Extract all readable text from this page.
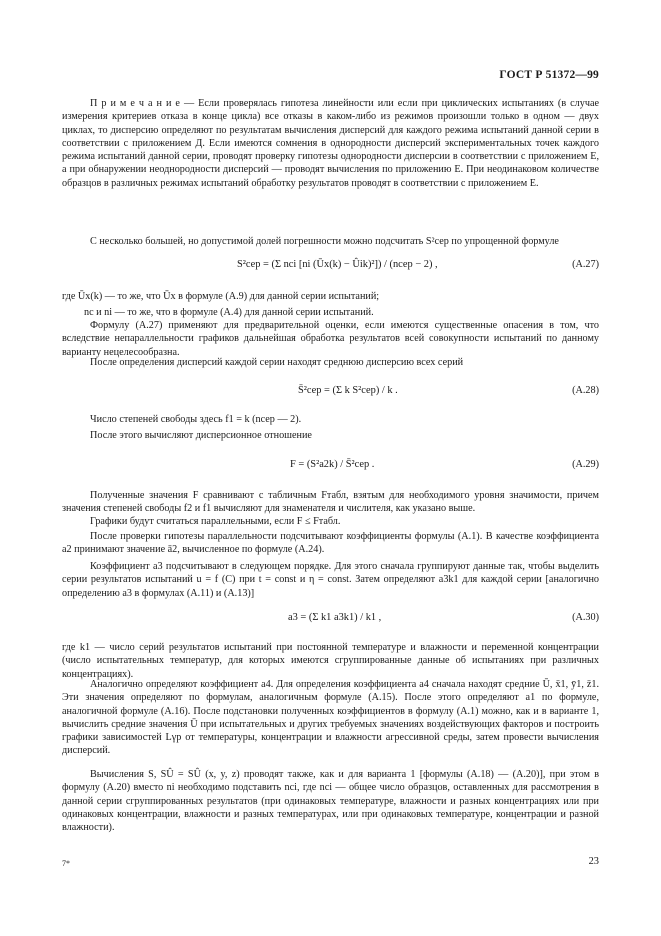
ГОСТ Р 51372—99

П р и м е ч а н и е — Если проверялась гипотеза линейности или если при циклических испытаниях (в случае измерения критериев отказа в конце цикла) все отказы в каком-либо из режимов произошли только в одном — двух циклах, то дисперсию определяют по результатам вычисления дисперсий для каждого режима испытаний данной серии в соответствии с приложением Д. Если имеются сомнения в однородности дисперсий экспериментальных точек каждого режима испытаний данной серии, проводят проверку гипотезы однородности дисперсии в соответствии с приложением Е, а при обнаружении неоднородности дисперсий — проводят вычисления по приложению Е. При неодинаковом количестве образцов в различных режимах испытаний обработку результатов проводят в соответствии с приложением Е.

С несколько большей, но допустимой долей погрешности можно подсчитать S²сер по упрощенной формуле

S²сер = (Σ nci [ni (Ūx(k) − Ûik)²]) / (nсер − 2) ,	(А.27)

где Ūx(k) — то же, что Ūx в формуле (А.9) для данной серии испытаний;

nс и ni — то же, что в формуле (А.4) для данной серии испытаний.

Формулу (А.27) применяют для предварительной оценки, если имеются существенные опасения в том, что вследствие непараллельности графиков дальнейшая обработка результатов всей совокупности испытаний по данному варианту нецелесообразна.

После определения дисперсий каждой серии находят среднюю дисперсию всех серий

S̄²сер = (Σ k S²сер) / k .	(А.28)

Число степеней свободы здесь f1 = k (nсер — 2).

После этого вычисляют дисперсионное отношение

F = (S²a2k) / S̄²сер .	(А.29)

Полученные значения F сравнивают с табличным Fтабл, взятым для необходимого уровня значимости, причем значения степеней свободы f2 и f1 вычисляют для знаменателя и числителя, как указано выше.

Графики будут считаться параллельными, если F ≤ Fтабл.

После проверки гипотезы параллельности подсчитывают коэффициенты формулы (А.1). В качестве коэффициента a2 принимают значение ā2, вычисленное по формуле (А.24).

Коэффициент a3 подсчитывают в следующем порядке. Для этого сначала группируют данные так, чтобы выделить серии результатов испытаний u = f (C) при t = const и η = const. Затем определяют a3k1 для каждой серии [аналогично определению a3 в формулах (А.11) и (А.13)]

a3 = (Σ k1 a3k1) / k1 ,	(А.30)

где k1 — число серий результатов испытаний при постоянной температуре и влажности и переменной концентрации (число испытательных температур, для которых имеются сгруппированные данные об испытаниях при различных концентрациях).

Аналогично определяют коэффициент a4. Для определения коэффициента a4 сначала находят средние Ū, x̄1, ȳ1, z̄1. Эти значения определяют по формулам, аналогичным формуле (А.15). После этого определяют a1 по формуле, аналогичной формуле (А.16). После подстановки полученных коэффициентов в формулу (А.1) можно, как и в варианте 1, вычислить средние значения Ū при испытательных и других требуемых значениях воздействующих факторов и построить графики зависимостей Lγp от температуры, концентрации и влажности агрессивной среды, затем провести вычисления дисперсий.

Вычисления S, SÛ = SÛ (x, y, z) проводят также, как и для варианта 1 [формулы (А.18) — (А.20)], при этом в формулу (А.20) вместо ni необходимо подставить nci, где nci — общее число образцов, оставленных для рассмотрения в данной серии сгруппированных результатов (при одинаковых температуре, влажности и разных концентрациях или при одинаковых концентрации, влажности и разных температурах, или при одинаковых температуре, концентрации и разной влажности).

7*	23
